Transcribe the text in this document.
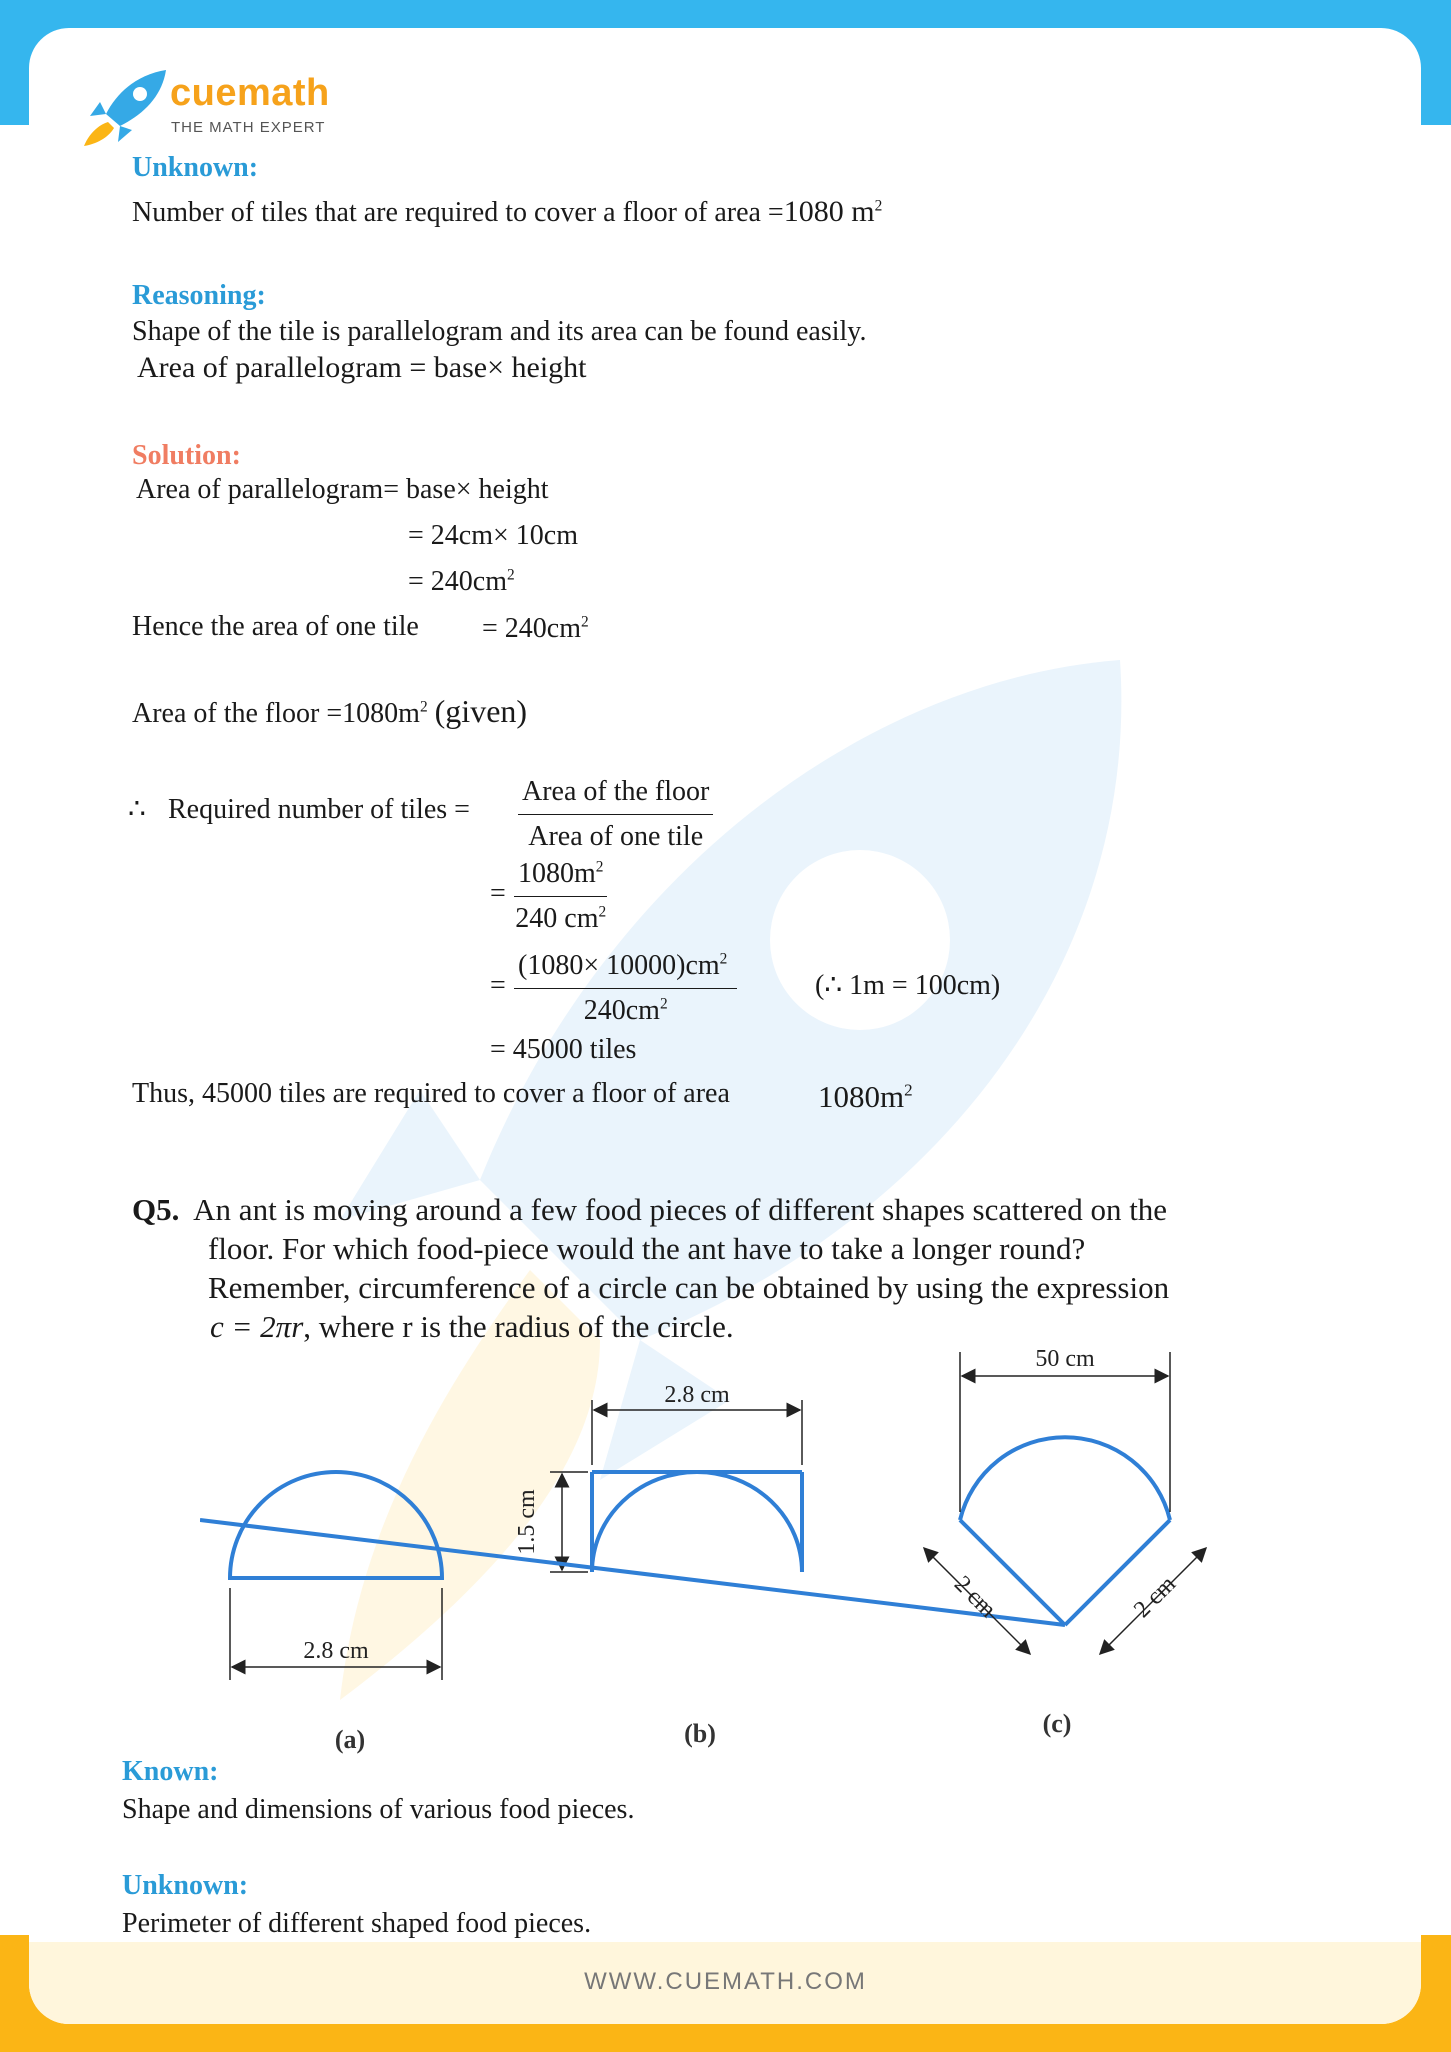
cuemath
THE MATH EXPERT
Unknown:
Number of tiles that are required to cover a floor of area =1080 $m^2$
Reasoning:
Shape of the tile is parallelogram and its area can be found easily.
Area of parallelogram = base× height
Solution:
Area of parallelogram= base× height
= 24cm× 10cm
= $240cm^2$
Hence the area of one tile = $240cm^2$
Area of the floor $=1080m^2$ (given)
∴ Required number of tiles =
Area of the floor
Area of one tile
= $\frac{1080m^2}{240 cm^2}$
= $\frac{(1080\times 10000)cm^2}{240cm^2}$	(∴ 1m = 100cm)
= 45000 tiles
Thus, 45000 tiles are required to cover a floor of area	$1080m^2$
Q5. An ant is moving around a few food pieces of different shapes scattered on the
floor. For which food-piece would the ant have to take a longer round?
Remember, circumference of a circle can be obtained by using the expression
c = 2πr, where r is the radius of the circle.
2.8 cm
(a)
2.8 cm
1.5 cm
(b)
50 cm
2 cm	2 cm
(c)
Known:
Shape and dimensions of various food pieces.
Unknown:
Perimeter of different shaped food pieces.
WWW.CUEMATH.COM
